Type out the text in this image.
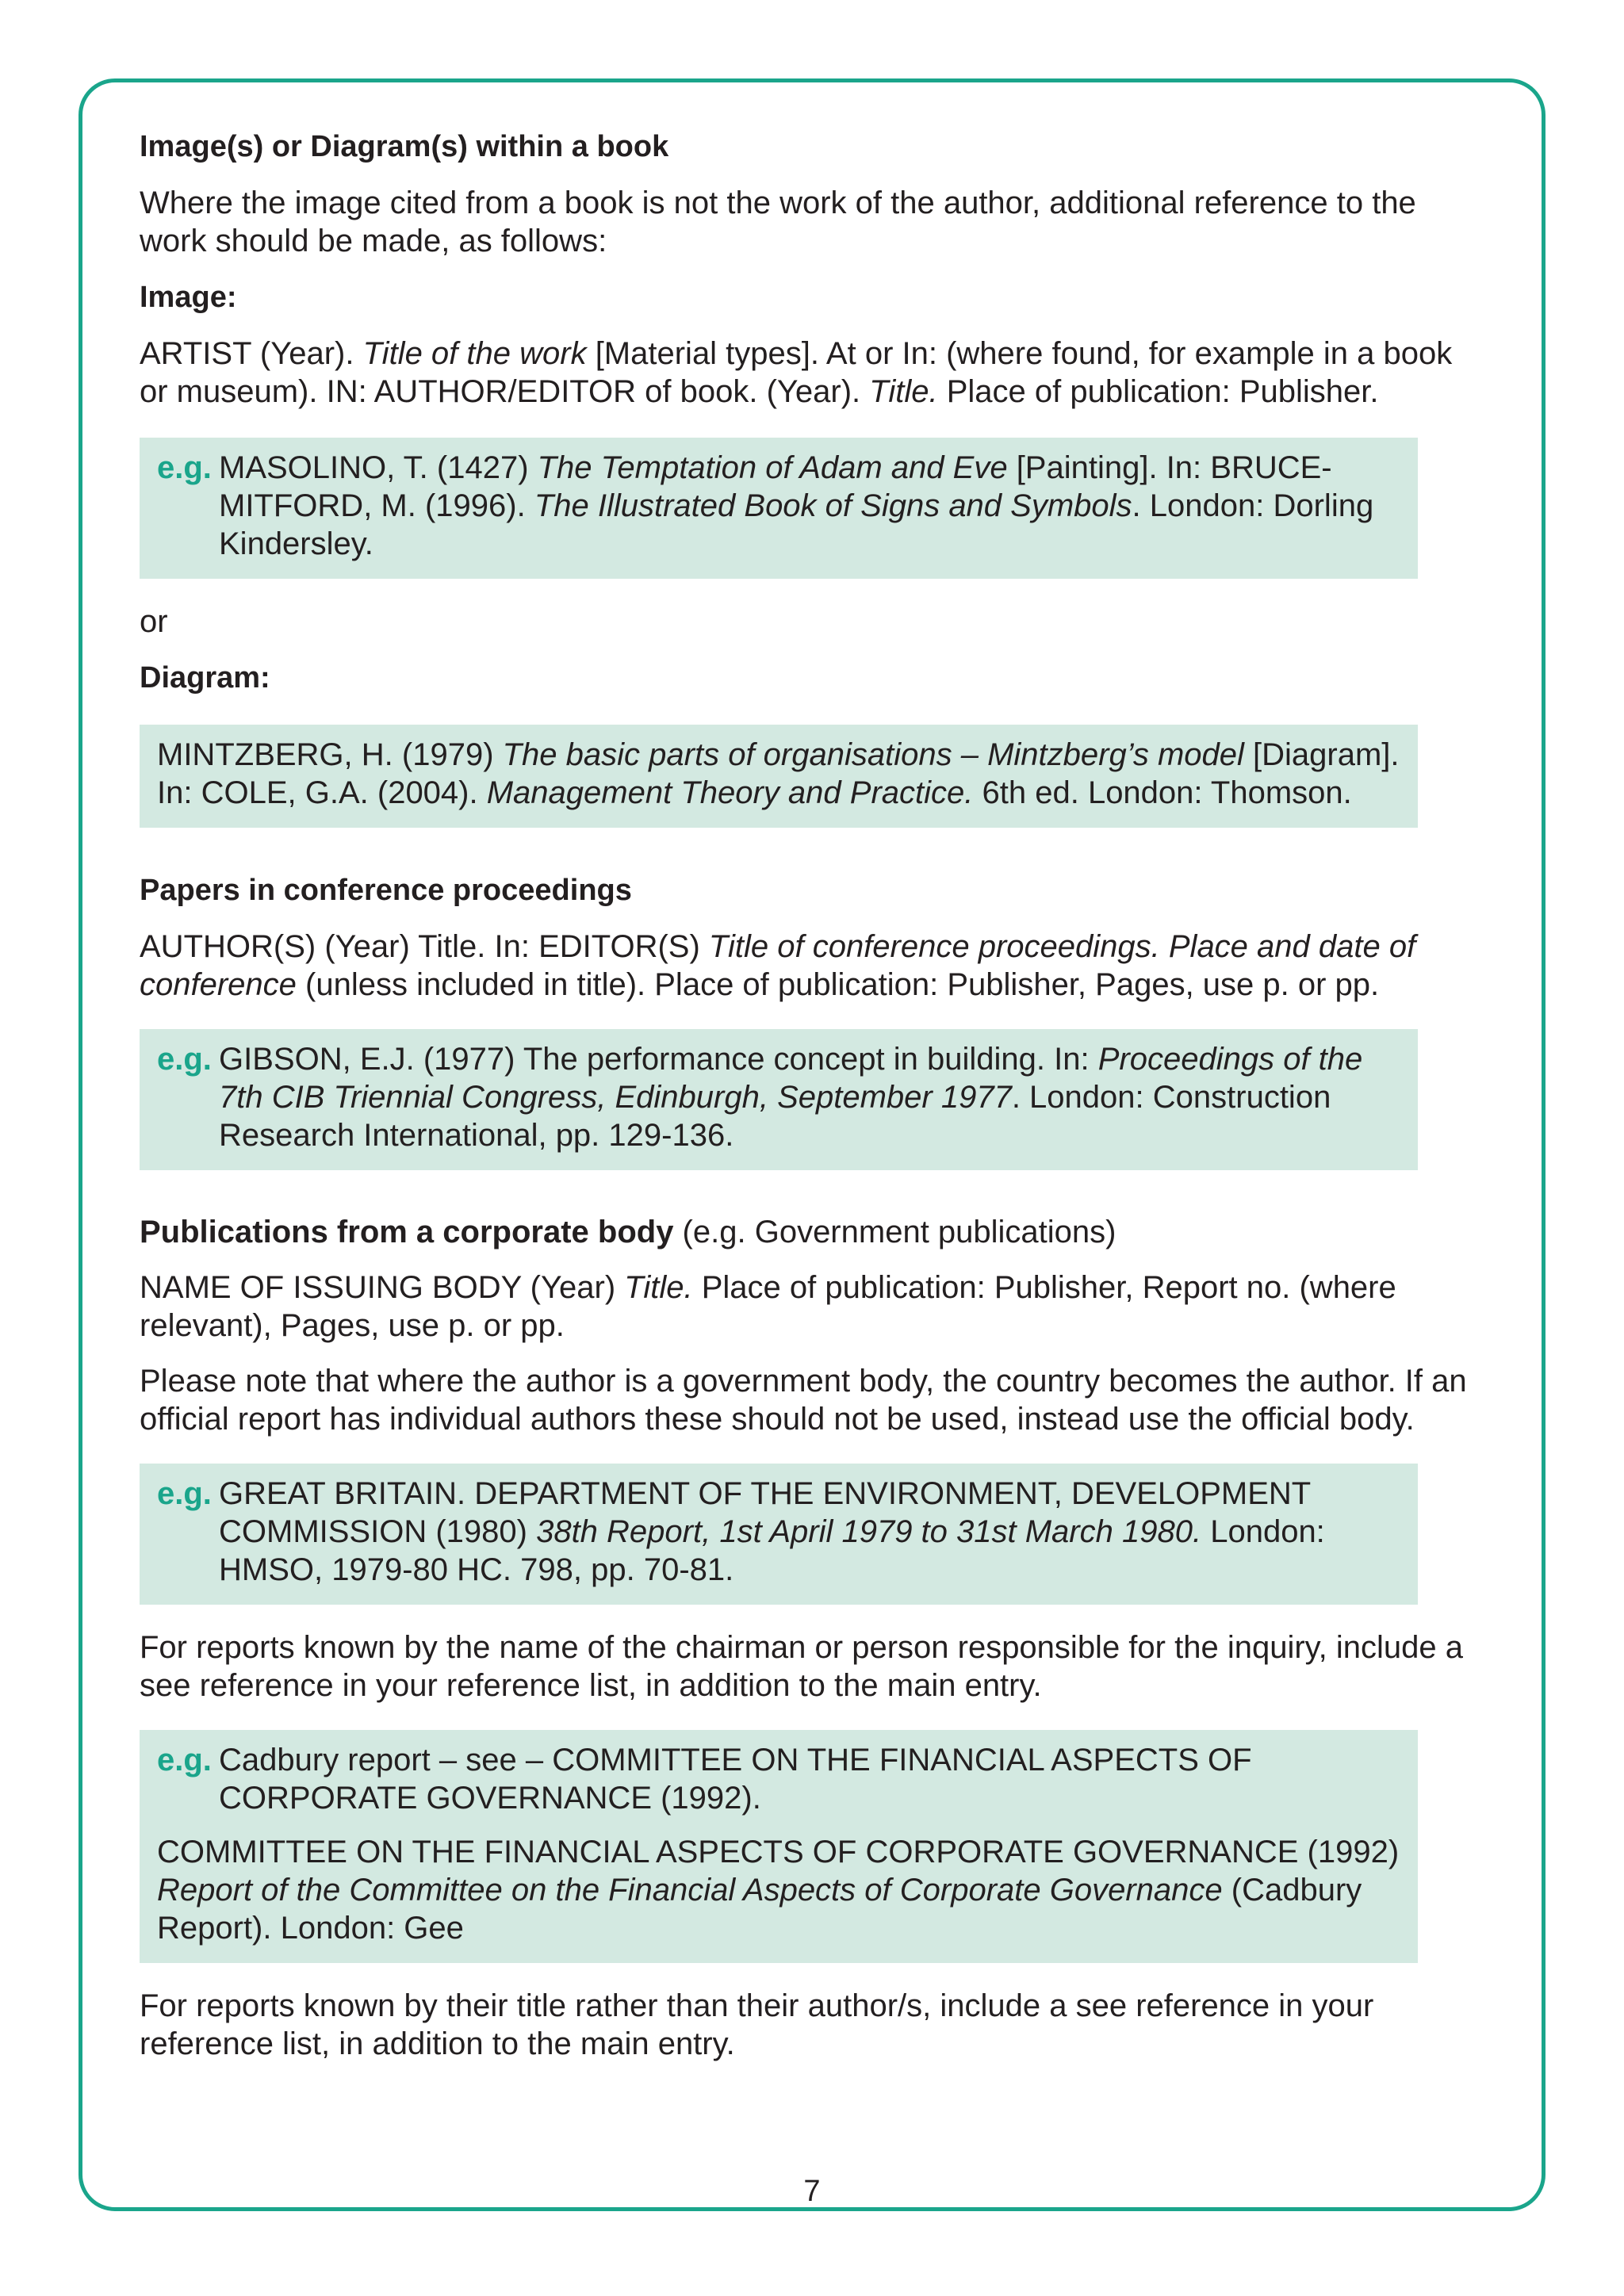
Image(s) or Diagram(s) within a book

Where the image cited from a book is not the work of the author, additional reference to the work should be made, as follows:

Image:

ARTIST (Year). Title of the work [Material types]. At or In: (where found, for example in a book or museum). IN: AUTHOR/EDITOR of book. (Year). Title. Place of publication: Publisher.

e.g. MASOLINO, T. (1427) The Temptation of Adam and Eve [Painting]. In: BRUCE-MITFORD, M. (1996). The Illustrated Book of Signs and Symbols. London: Dorling Kindersley.

or

Diagram:

MINTZBERG, H. (1979) The basic parts of organisations – Mintzberg’s model [Diagram]. In: COLE, G.A. (2004). Management Theory and Practice. 6th ed. London: Thomson.

Papers in conference proceedings

AUTHOR(S) (Year) Title. In: EDITOR(S) Title of conference proceedings. Place and date of conference (unless included in title). Place of publication: Publisher, Pages, use p. or pp.

e.g. GIBSON, E.J. (1977) The performance concept in building. In: Proceedings of the 7th CIB Triennial Congress, Edinburgh, September 1977. London: Construction Research International, pp. 129-136.

Publications from a corporate body (e.g. Government publications)

NAME OF ISSUING BODY (Year) Title. Place of publication: Publisher, Report no. (where relevant), Pages, use p. or pp.

Please note that where the author is a government body, the country becomes the author. If an official report has individual authors these should not be used, instead use the official body.

e.g. GREAT BRITAIN. DEPARTMENT OF THE ENVIRONMENT, DEVELOPMENT COMMISSION (1980) 38th Report, 1st April 1979 to 31st March 1980. London: HMSO, 1979-80 HC. 798, pp. 70-81.

For reports known by the name of the chairman or person responsible for the inquiry, include a see reference in your reference list, in addition to the main entry.

e.g. Cadbury report – see – COMMITTEE ON THE FINANCIAL ASPECTS OF CORPORATE GOVERNANCE (1992).

COMMITTEE ON THE FINANCIAL ASPECTS OF CORPORATE GOVERNANCE (1992) Report of the Committee on the Financial Aspects of Corporate Governance (Cadbury Report). London: Gee

For reports known by their title rather than their author/s, include a see reference in your reference list, in addition to the main entry.

7
